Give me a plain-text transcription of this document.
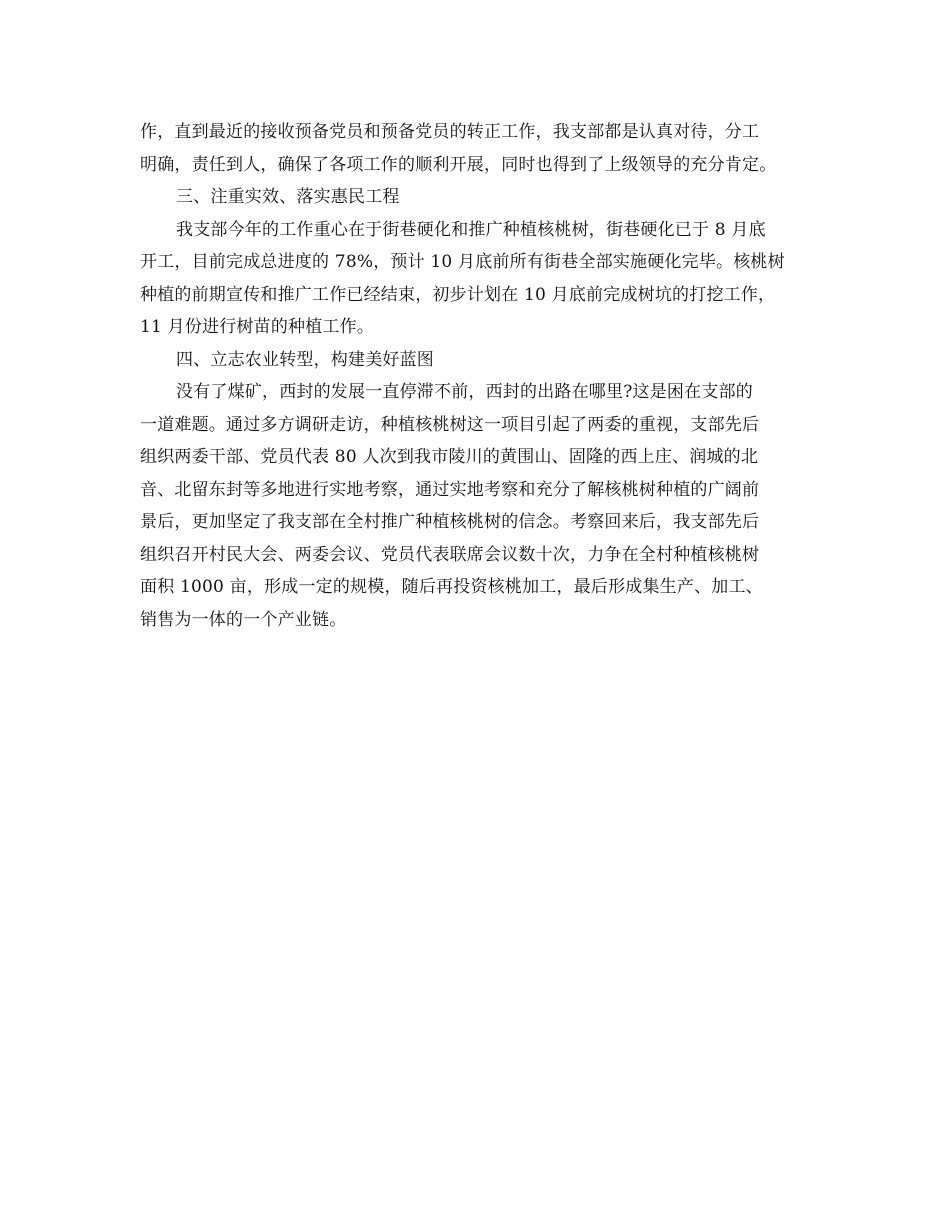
作，直到最近的接收预备党员和预备党员的转正工作，我支部都是认真对待，分工
明确，责任到人，确保了各项工作的顺利开展，同时也得到了上级领导的充分肯定。
三、注重实效、落实惠民工程
我支部今年的工作重心在于街巷硬化和推广种植核桃树，街巷硬化已于 8 月底
开工，目前完成总进度的 78%，预计 10 月底前所有街巷全部实施硬化完毕。核桃树
种植的前期宣传和推广工作已经结束，初步计划在 10 月底前完成树坑的打挖工作，
11 月份进行树苗的种植工作。
四、立志农业转型，构建美好蓝图
没有了煤矿，西封的发展一直停滞不前，西封的出路在哪里?这是困在支部的
一道难题。通过多方调研走访，种植核桃树这一项目引起了两委的重视，支部先后
组织两委干部、党员代表 80 人次到我市陵川的黄围山、固隆的西上庄、润城的北
音、北留东封等多地进行实地考察，通过实地考察和充分了解核桃树种植的广阔前
景后，更加坚定了我支部在全村推广种植核桃树的信念。考察回来后，我支部先后
组织召开村民大会、两委会议、党员代表联席会议数十次，力争在全村种植核桃树
面积 1000 亩，形成一定的规模，随后再投资核桃加工，最后形成集生产、加工、
销售为一体的一个产业链。
